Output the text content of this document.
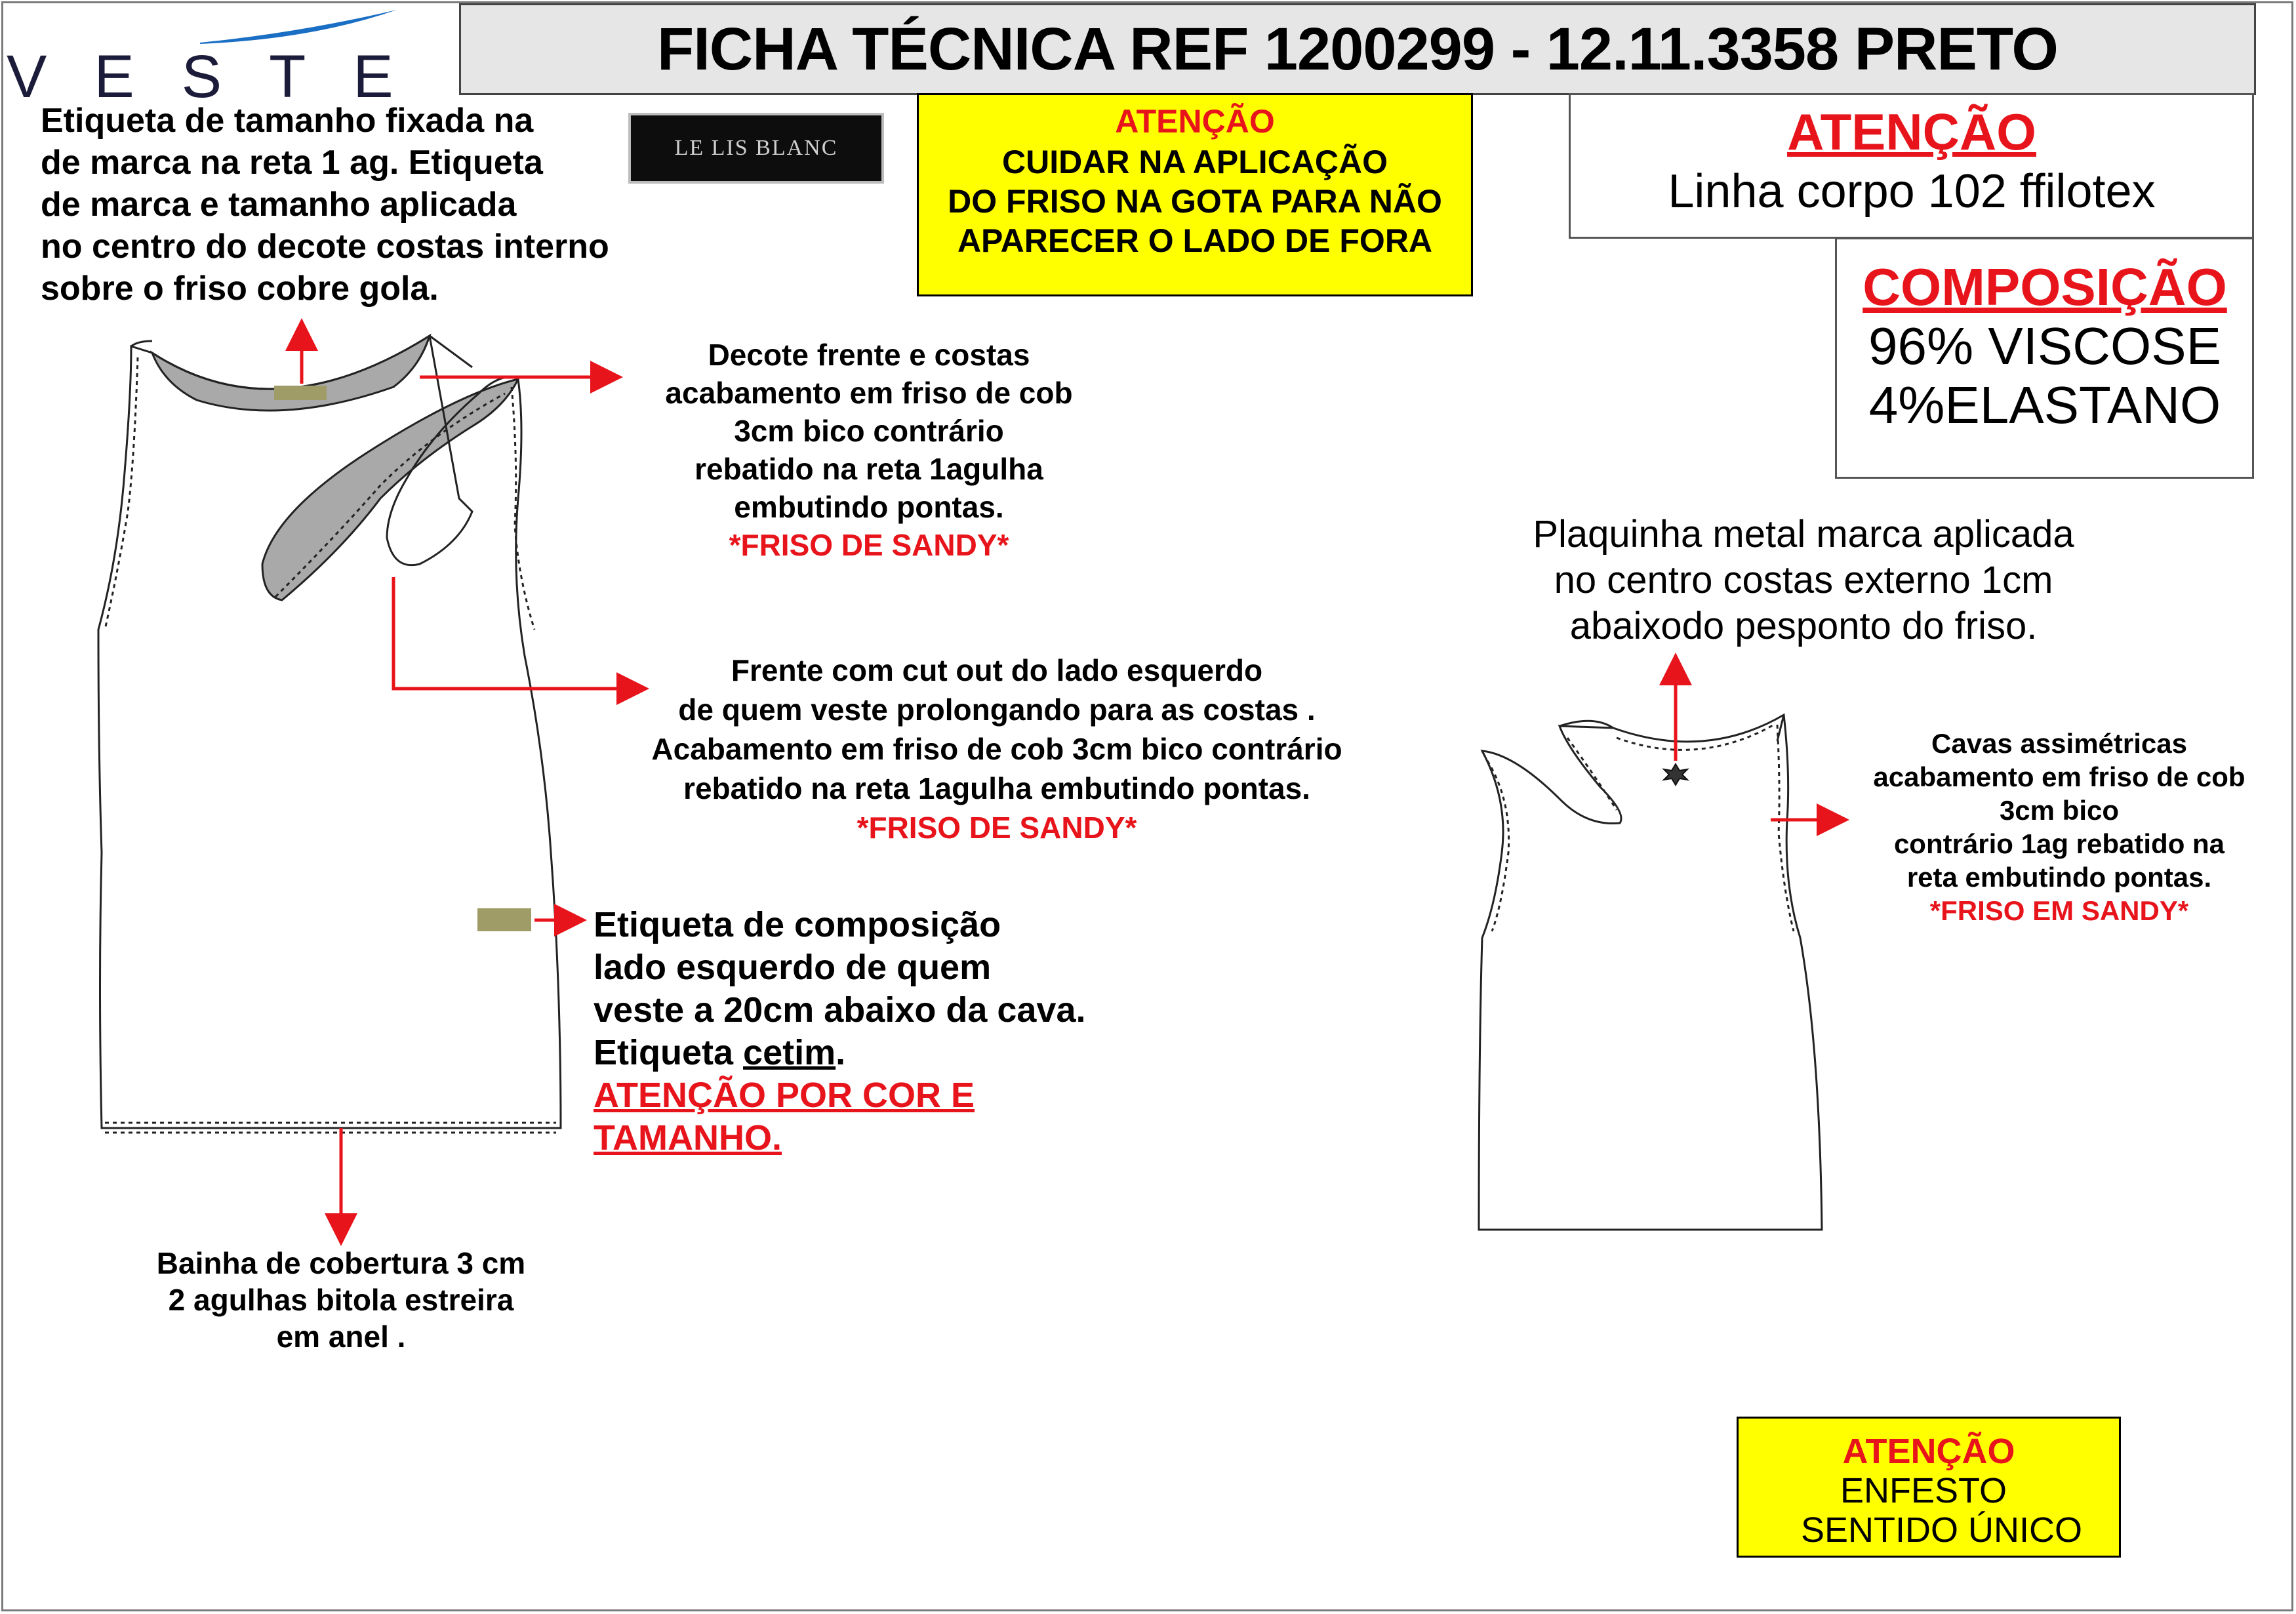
VESTE	FICHA TÉCNICA REF 1200299 - 12.11.3358 PRETO
Etiqueta de tamanho fixada na
de marca na reta 1 ag. Etiqueta
de marca e tamanho aplicada
no centro do decote costas interno
sobre o friso cobre gola.
LE LIS BLANC
ATENÇÃO
CUIDAR NA APLICAÇÃO
DO FRISO NA GOTA PARA NÃO
APARECER O LADO DE FORA
ATENÇÃO
Linha corpo 102 ffilotex
COMPOSIÇÃO
96% VISCOSE
4%ELASTANO
Decote frente e costas
acabamento em friso de cob
3cm bico contrário
rebatido na reta 1agulha
embutindo pontas.
*FRISO DE SANDY*
Frente com cut out do lado esquerdo
de quem veste prolongando para as costas .
Acabamento em friso de cob 3cm bico contrário
rebatido na reta 1agulha embutindo pontas.
*FRISO DE SANDY*
Etiqueta de composição
lado esquerdo de quem
veste a 20cm abaixo da cava.
Etiqueta cetim.
ATENÇÃO POR COR E
TAMANHO.
Bainha de cobertura 3 cm
2 agulhas bitola estreira
em anel .
Plaquinha metal marca aplicada
no centro costas externo 1cm
abaixodo pesponto do friso.
Cavas assimétricas
acabamento em friso de cob
3cm bico
contrário 1ag rebatido na
reta embutindo pontas.
*FRISO EM SANDY*
ATENÇÃO
ENFESTO
SENTIDO ÚNICO
